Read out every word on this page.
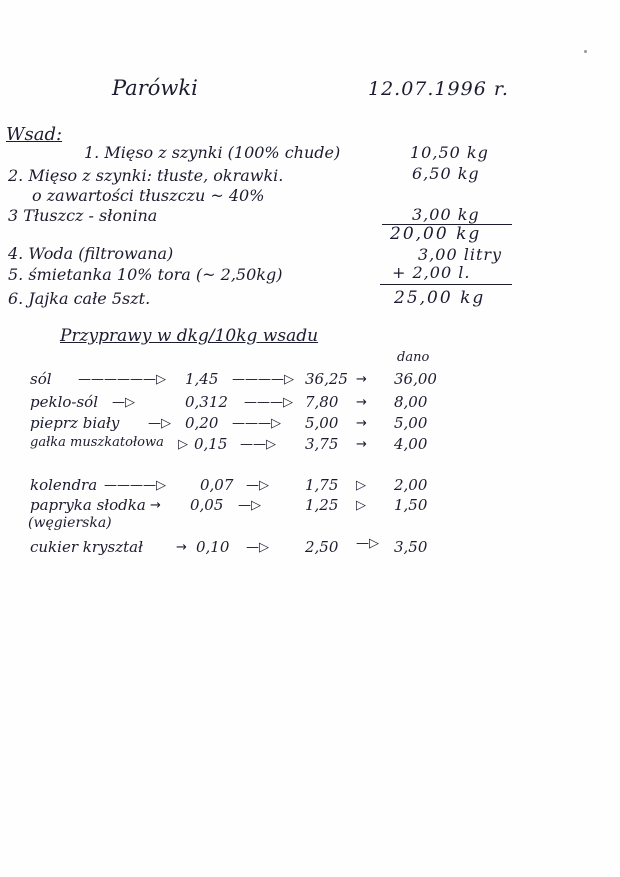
Parówki	12.07.1996 r.
Wsad:
1. Mięso z szynki (100% chude)	10,50 kg
2. Mięso z szynki: tłuste, okrawki.	6,50 kg
o zawartości tłuszczu ~ 40%
3 Tłuszcz - słonina	3,00 kg
20,00 kg
4. Woda (filtrowana)	3,00 litry
5. śmietanka 10% tora (~ 2,50kg)	+ 2,00 l.
6. Jajka całe 5szt.	25,00 kg
Przyprawy w dkg/10kg wsadu
dano
sól ——————▷ 1,45 ————▷ 36,25 → 36,00
peklo-sól —▷	0,312 ———▷ 7,80 → 8,00
pieprz biały —▷ 0,20 ———▷ 5,00 → 5,00
gałka muszkatołowa ▷ 0,15 ——▷ 3,75 → 4,00
kolendra ————▷ 0,07 —▷ 1,75 ▷ 2,00
papryka słodka → 0,05 —▷	1,25 ▷ 1,50
(węgierska)
cukier kryształ	→ 0,10 —▷ 2,50 —▷ 3,50
